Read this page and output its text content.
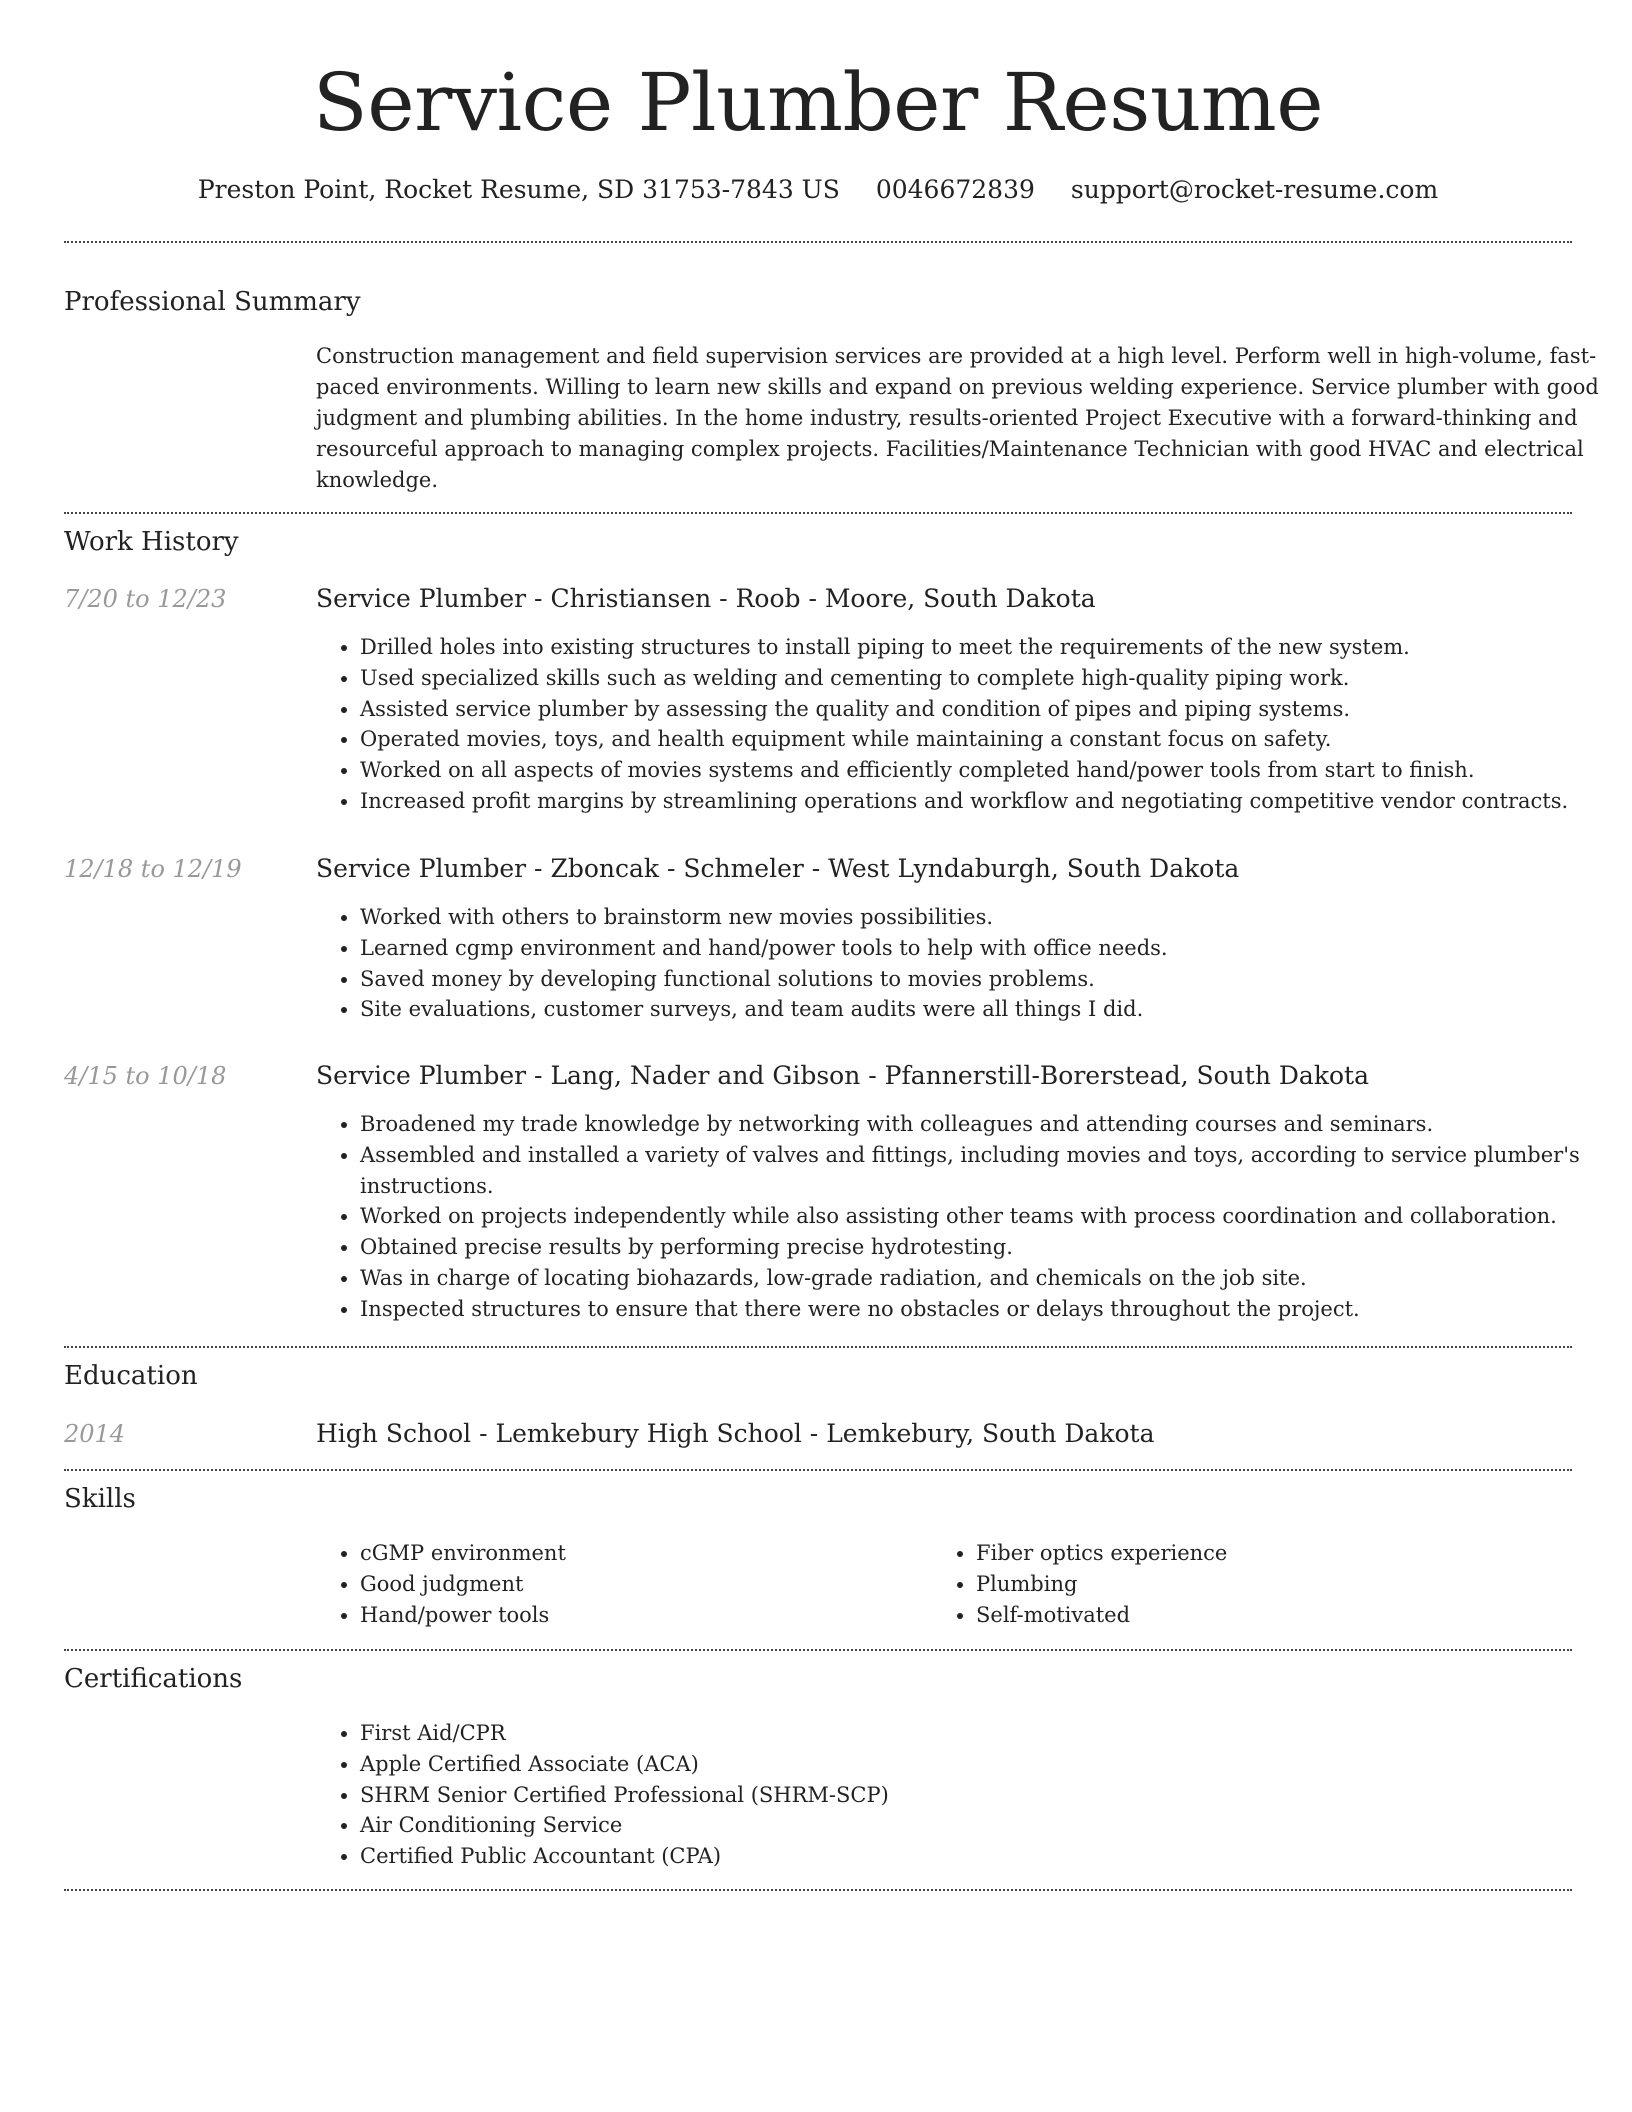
Service Plumber Resume
Preston Point, Rocket Resume, SD 31753-7843 US 0046672839 support@rocket-resume.com
Professional Summary

Construction management and field supervision services are provided at a high level. Perform well in high-volume, fast-paced environments. Willing to learn new skills and expand on previous welding experience. Service plumber with good judgment and plumbing abilities. In the home industry, results-oriented Project Executive with a forward-thinking and resourceful approach to managing complex projects. Facilities/Maintenance Technician with good HVAC and electrical knowledge.

Work History
7/20 to 12/23	Service Plumber - Christiansen - Roob - Moore, South Dakota
• Drilled holes into existing structures to install piping to meet the requirements of the new system.
• Used specialized skills such as welding and cementing to complete high-quality piping work.
• Assisted service plumber by assessing the quality and condition of pipes and piping systems.
• Operated movies, toys, and health equipment while maintaining a constant focus on safety.
• Worked on all aspects of movies systems and efficiently completed hand/power tools from start to finish.
• Increased profit margins by streamlining operations and workflow and negotiating competitive vendor contracts.
12/18 to 12/19	Service Plumber - Zboncak - Schmeler - West Lyndaburgh, South Dakota
• Worked with others to brainstorm new movies possibilities.
• Learned cgmp environment and hand/power tools to help with office needs.
• Saved money by developing functional solutions to movies problems.
• Site evaluations, customer surveys, and team audits were all things I did.
4/15 to 10/18	Service Plumber - Lang, Nader and Gibson - Pfannerstill-Borerstead, South Dakota
• Broadened my trade knowledge by networking with colleagues and attending courses and seminars.
• Assembled and installed a variety of valves and fittings, including movies and toys, according to service plumber's instructions.
• Worked on projects independently while also assisting other teams with process coordination and collaboration.
• Obtained precise results by performing precise hydrotesting.
• Was in charge of locating biohazards, low-grade radiation, and chemicals on the job site.
• Inspected structures to ensure that there were no obstacles or delays throughout the project.
Education
2014	High School - Lemkebury High School - Lemkebury, South Dakota
Skills
• cGMP environment
• Good judgment
• Hand/power tools
• Fiber optics experience
• Plumbing
• Self-motivated
Certifications
• First Aid/CPR
• Apple Certified Associate (ACA)
• SHRM Senior Certified Professional (SHRM-SCP)
• Air Conditioning Service
• Certified Public Accountant (CPA)
